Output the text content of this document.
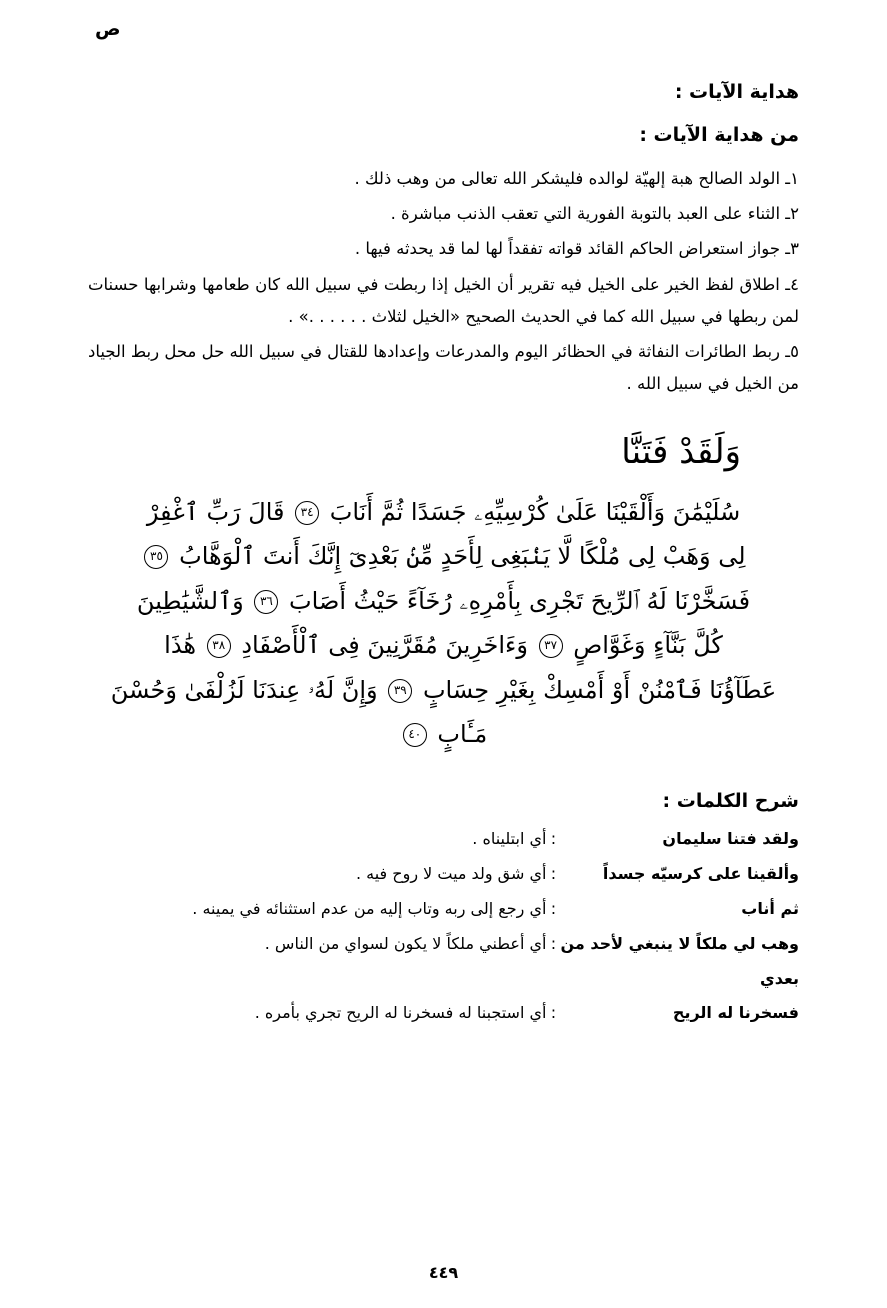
ص
هداية الآيات :
من هداية الآيات :
١ـ الولد الصالح هبة إلهيّة لوالده فليشكر الله تعالى من وهب ذلك .
٢ـ الثناء على العبد بالتوبة الفورية التي تعقب الذنب مباشرة .
٣ـ جواز استعراض الحاكم القائد قواته تفقداً لها لما قد يحدثه فيها .
٤ـ اطلاق لفظ الخير على الخيل فيه تقرير أن الخيل إذا ربطت في سبيل الله كان طعامها وشرابها حسنات لمن ربطها في سبيل الله كما في الحديث الصحيح «الخيل لثلاث . . . . . .» .
٥ـ ربط الطائرات النفاثة في الحظائر اليوم والمدرعات وإعدادها للقتال في سبيل الله حل محل ربط الجياد من الخيل في سبيل الله .
وَلَقَدْ فَتَنَّا
سُلَيْمَٰنَ وَأَلْقَيْنَا عَلَىٰ كُرْسِيِّهِۦ جَسَدًا ثُمَّ أَنَابَ ٣٤ قَالَ رَبِّ ٱغْفِرْ
لِى وَهَبْ لِى مُلْكًا لَّا يَنۢبَغِى لِأَحَدٍ مِّنۢ بَعْدِىٓ إِنَّكَ أَنتَ ٱلْوَهَّابُ ٣٥
فَسَخَّرْنَا لَهُ ٱلرِّيحَ تَجْرِى بِأَمْرِهِۦ رُخَآءً حَيْثُ أَصَابَ ٣٦ وَٱلشَّيَٰطِينَ
كُلَّ بَنَّآءٍ وَغَوَّاصٍ ٣٧ وَءَاخَرِينَ مُقَرَّنِينَ فِى ٱلْأَصْفَادِ ٣٨ هَٰذَا
عَطَآؤُنَا فَٱمْنُنْ أَوْ أَمْسِكْ بِغَيْرِ حِسَابٍ ٣٩ وَإِنَّ لَهُۥ عِندَنَا لَزُلْفَىٰ وَحُسْنَ
مَـَٔابٍ ٤٠
شرح الكلمات :
ولقد فتنا سليمان	:	أي ابتليناه .
وألقينا على كرسيّه جسداً	:	أي شق ولد ميت لا روح فيه .
ثم أناب	:	أي رجع إلى ربه وتاب إليه من عدم استثنائه في يمينه .
وهب لي ملكاً لا ينبغي لأحد من	:	أي أعطني ملكاً لا يكون لسواي من الناس .
بعدي		
فسخرنا له الريح	:	أي استجبنا له فسخرنا له الريح تجري بأمره .
٤٤٩
